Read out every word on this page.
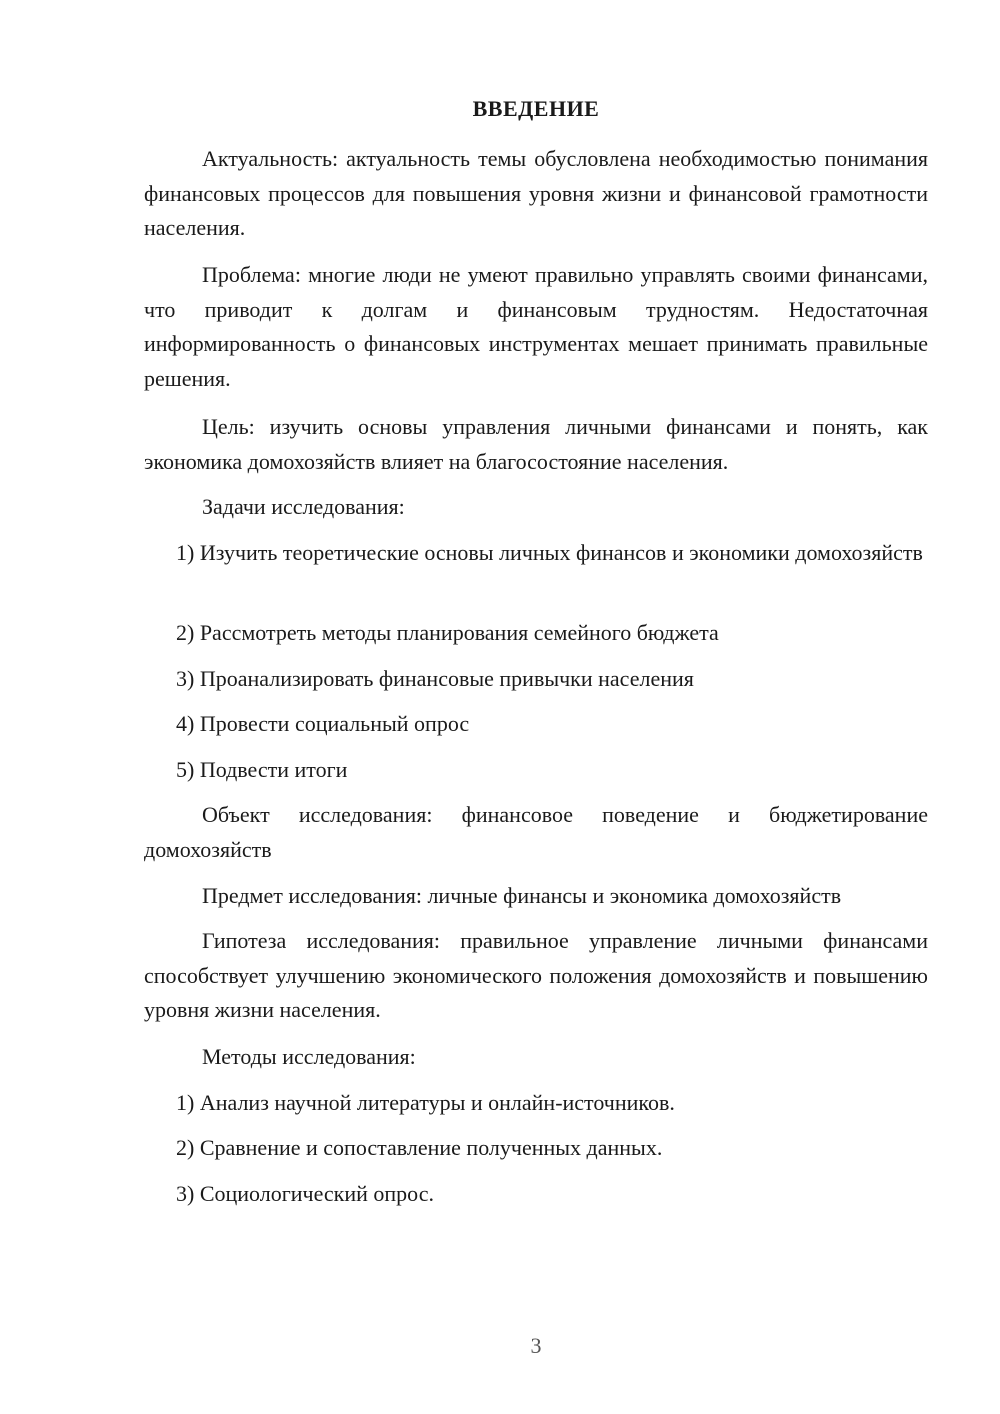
ВВЕДЕНИЕ

Актуальность: актуальность темы обусловлена необходимостью понимания финансовых процессов для повышения уровня жизни и финансовой грамотности населения.

Проблема: многие люди не умеют правильно управлять своими финансами, что приводит к долгам и финансовым трудностям. Недостаточная информированность о финансовых инструментах мешает принимать правильные решения.

Цель: изучить основы управления личными финансами и понять, как экономика домохозяйств влияет на благосостояние населения.

Задачи исследования:

1) Изучить теоретические основы личных финансов и экономики домохозяйств

2) Рассмотреть методы планирования семейного бюджета

3) Проанализировать финансовые привычки населения

4) Провести социальный опрос

5) Подвести итоги

Объект исследования: финансовое поведение и бюджетирование домохозяйств

Предмет исследования: личные финансы и экономика домохозяйств

Гипотеза исследования: правильное управление личными финансами способствует улучшению экономического положения домохозяйств и повышению уровня жизни населения.

Методы исследования:

1) Анализ научной литературы и онлайн-источников.

2) Сравнение и сопоставление полученных данных.

3) Социологический опрос.

3
